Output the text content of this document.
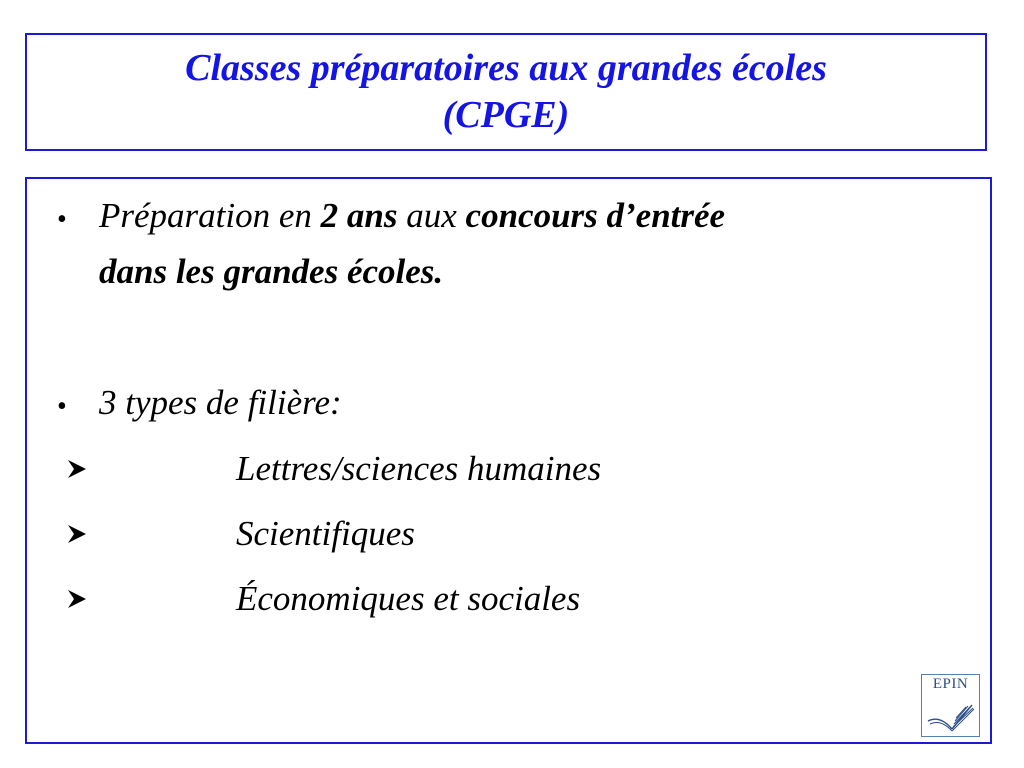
Classes préparatoires aux grandes écoles
(CPGE)
• Préparation en 2 ans aux concours d’entrée
dans les grandes écoles.
• 3 types de filière:
Lettres/sciences humaines
Scientifiques
Économiques et sociales
EPIN
